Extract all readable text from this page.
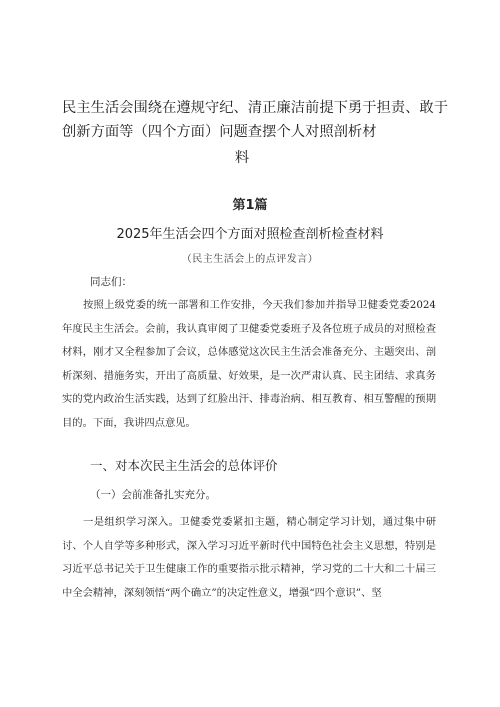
民主生活会围绕在遵规守纪、清正廉洁前提下勇于担责、敢于创新方面等（四个方面）问题查摆个人对照剖析材
料
第1篇
2025年生活会四个方面对照检查剖析检查材料
（民主生活会上的点评发言）
同志们：

按照上级党委的统一部署和工作安排，今天我们参加并指导卫健委党委2024年度民主生活会。会前，我认真审阅了卫健委党委班子及各位班子成员的对照检查材料，刚才又全程参加了会议，总体感觉这次民主生活会准备充分、主题突出、剖析深刻、措施务实，开出了高质量、好效果，是一次严肃认真、民主团结、求真务实的党内政治生活实践，达到了红脸出汗、排毒治病、相互教育、相互警醒的预期目的。下面，我讲四点意见。

一、对本次民主生活会的总体评价
（一）会前准备扎实充分。

一是组织学习深入。卫健委党委紧扣主题，精心制定学习计划，通过集中研讨、个人自学等多种形式，深入学习习近平新时代中国特色社会主义思想，特别是习近平总书记关于卫生健康工作的重要指示批示精神，学习党的二十大和二十届三中全会精神，深刻领悟“两个确立”的决定性意义，增强“四个意识”、坚
